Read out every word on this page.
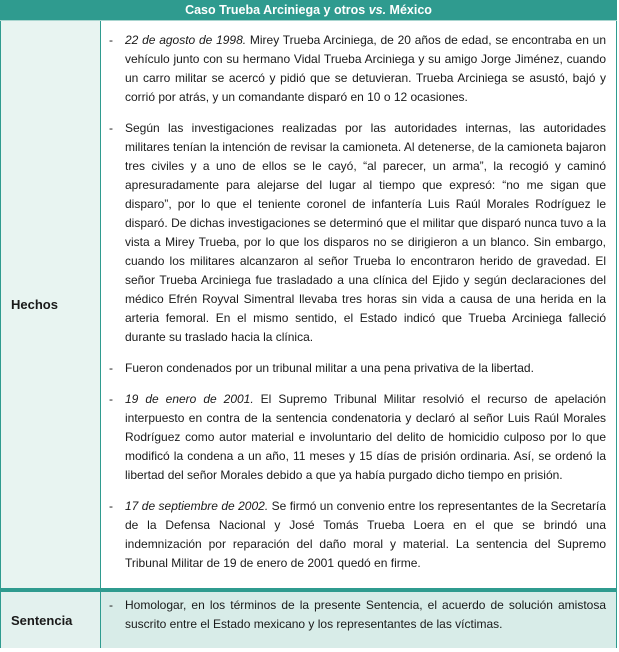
Caso Trueba Arciniega y otros vs. México
Hechos
-	22 de agosto de 1998. Mirey Trueba Arciniega, de 20 años de edad, se encontraba en un vehículo junto con su hermano Vidal Trueba Arciniega y su amigo Jorge Jiménez, cuando un carro militar se acercó y pidió que se detuvieran. Trueba Arciniega se asustó, bajó y corrió por atrás, y un comandante disparó en 10 o 12 ocasiones.
-	Según las investigaciones realizadas por las autoridades internas, las autoridades militares tenían la intención de revisar la camioneta. Al detenerse, de la camioneta bajaron tres civiles y a uno de ellos se le cayó, “al parecer, un arma”, la recogió y caminó apresuradamente para alejarse del lugar al tiempo que expresó: “no me sigan que disparo”, por lo que el teniente coronel de infantería Luis Raúl Morales Rodríguez le disparó. De dichas investigaciones se determinó que el militar que disparó nunca tuvo a la vista a Mirey Trueba, por lo que los disparos no se dirigieron a un blanco. Sin embargo, cuando los militares alcanzaron al señor Trueba lo encontraron herido de gravedad. El señor Trueba Arciniega fue trasladado a una clínica del Ejido y según declaraciones del médico Efrén Royval Simentral llevaba tres horas sin vida a causa de una herida en la arteria femoral. En el mismo sentido, el Estado indicó que Trueba Arciniega falleció durante su traslado hacia la clínica.
-	Fueron condenados por un tribunal militar a una pena privativa de la libertad.
-	19 de enero de 2001. El Supremo Tribunal Militar resolvió el recurso de apelación interpuesto en contra de la sentencia condenatoria y declaró al señor Luis Raúl Morales Rodríguez como autor material e involuntario del delito de homicidio culposo por lo que modificó la condena a un año, 11 meses y 15 días de prisión ordinaria. Así, se ordenó la libertad del señor Morales debido a que ya había purgado dicho tiempo en prisión.
-	17 de septiembre de 2002. Se firmó un convenio entre los representantes de la Secretaría de la Defensa Nacional y José Tomás Trueba Loera en el que se brindó una indemnización por reparación del daño moral y material. La sentencia del Supremo Tribunal Militar de 19 de enero de 2001 quedó en firme.
Sentencia
-	Homologar, en los términos de la presente Sentencia, el acuerdo de solución amistosa suscrito entre el Estado mexicano y los representantes de las víctimas.
